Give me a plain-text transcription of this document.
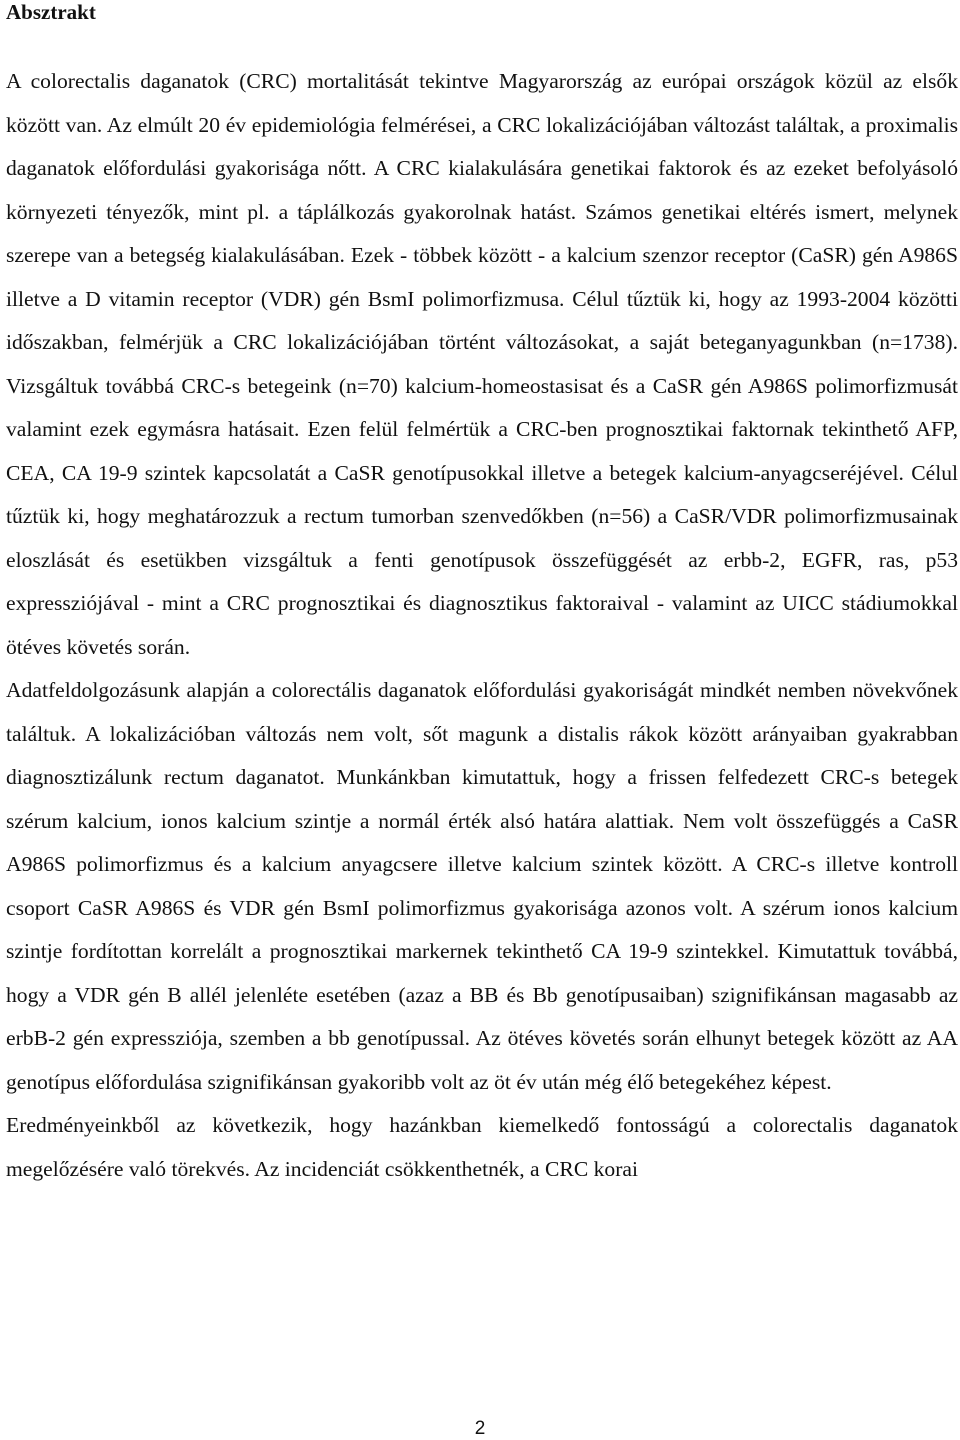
Absztrakt

A colorectalis daganatok (CRC) mortalitását tekintve Magyarország az európai országok közül az elsők között van. Az elmúlt 20 év epidemiológia felmérései, a CRC lokalizációjában változást találtak, a proximalis daganatok előfordulási gyakorisága nőtt. A CRC kialakulására genetikai faktorok és az ezeket befolyásoló környezeti tényezők, mint pl. a táplálkozás gyakorolnak hatást. Számos genetikai eltérés ismert, melynek szerepe van a betegség kialakulásában. Ezek - többek között - a kalcium szenzor receptor (CaSR) gén A986S illetve a D vitamin receptor (VDR) gén BsmI polimorfizmusa. Célul tűztük ki, hogy az 1993-2004 közötti időszakban, felmérjük a CRC lokalizációjában történt változásokat, a saját beteganyagunkban (n=1738). Vizsgáltuk továbbá CRC-s betegeink (n=70) kalcium-homeostasisat és a CaSR gén A986S polimorfizmusát valamint ezek egymásra hatásait. Ezen felül felmértük a CRC-ben prognosztikai faktornak tekinthető AFP, CEA, CA 19-9 szintek kapcsolatát a CaSR genotípusokkal illetve a betegek kalcium-anyagcseréjével. Célul tűztük ki, hogy meghatározzuk a rectum tumorban szenvedőkben (n=56) a CaSR/VDR polimorfizmusainak eloszlását és esetükben vizsgáltuk a fenti genotípusok összefüggését az erbb-2, EGFR, ras, p53 expressziójával - mint a CRC prognosztikai és diagnosztikus faktoraival - valamint az UICC stádiumokkal ötéves követés során.

Adatfeldolgozásunk alapján a colorectális daganatok előfordulási gyakoriságát mindkét nemben növekvőnek találtuk. A lokalizációban változás nem volt, sőt magunk a distalis rákok között arányaiban gyakrabban diagnosztizálunk rectum daganatot. Munkánkban kimutattuk, hogy a frissen felfedezett CRC-s betegek szérum kalcium, ionos kalcium szintje a normál érték alsó határa alattiak. Nem volt összefüggés a CaSR A986S polimorfizmus és a kalcium anyagcsere illetve kalcium szintek között. A CRC-s illetve kontroll csoport CaSR A986S és VDR gén BsmI polimorfizmus gyakorisága azonos volt. A szérum ionos kalcium szintje fordítottan korrelált a prognosztikai markernek tekinthető CA 19-9 szintekkel. Kimutattuk továbbá, hogy a VDR gén B allél jelenléte esetében (azaz a BB és Bb genotípusaiban) szignifikánsan magasabb az erbB-2 gén expressziója, szemben a bb genotípussal. Az ötéves követés során elhunyt betegek között az AA genotípus előfordulása szignifikánsan gyakoribb volt az öt év után még élő betegekéhez képest.

Eredményeinkből az következik, hogy hazánkban kiemelkedő fontosságú a colorectalis daganatok megelőzésére való törekvés. Az incidenciát csökkenthetnék, a CRC korai

2
